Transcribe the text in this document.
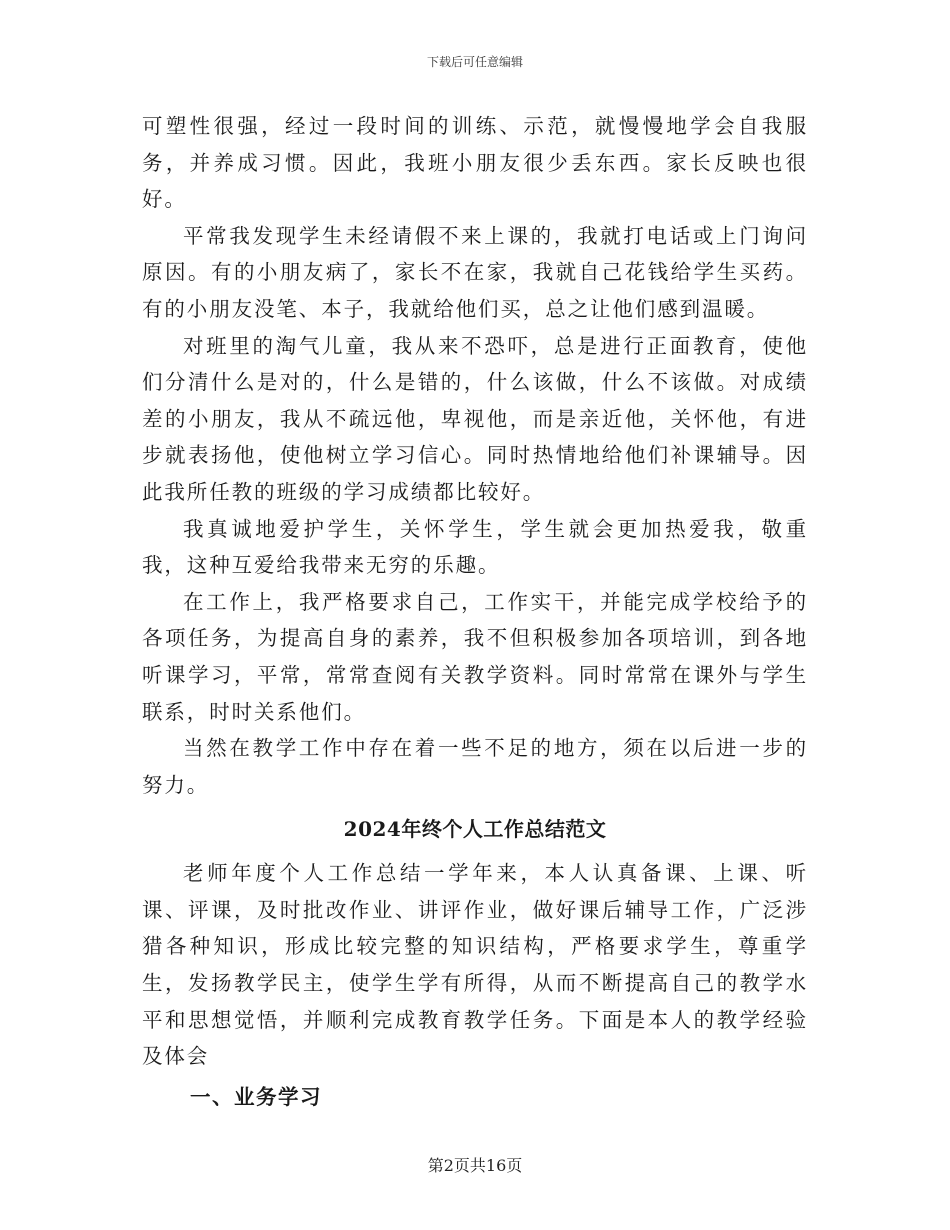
下载后可任意编辑

可塑性很强，经过一段时间的训练、示范，就慢慢地学会自我服务，并养成习惯。因此，我班小朋友很少丢东西。家长反映也很好。

平常我发现学生未经请假不来上课的，我就打电话或上门询问原因。有的小朋友病了，家长不在家，我就自己花钱给学生买药。有的小朋友没笔、本子，我就给他们买，总之让他们感到温暖。

对班里的淘气儿童，我从来不恐吓，总是进行正面教育，使他们分清什么是对的，什么是错的，什么该做，什么不该做。对成绩差的小朋友，我从不疏远他，卑视他，而是亲近他，关怀他，有进步就表扬他，使他树立学习信心。同时热情地给他们补课辅导。因此我所任教的班级的学习成绩都比较好。

我真诚地爱护学生，关怀学生，学生就会更加热爱我，敬重我，这种互爱给我带来无穷的乐趣。

在工作上，我严格要求自己，工作实干，并能完成学校给予的各项任务，为提高自身的素养，我不但积极参加各项培训，到各地听课学习，平常，常常查阅有关教学资料。同时常常在课外与学生联系，时时关系他们。

当然在教学工作中存在着一些不足的地方，须在以后进一步的努力。

2024年终个人工作总结范文

老师年度个人工作总结一学年来，本人认真备课、上课、听课、评课，及时批改作业、讲评作业，做好课后辅导工作，广泛涉猎各种知识，形成比较完整的知识结构，严格要求学生，尊重学生，发扬教学民主，使学生学有所得，从而不断提高自己的教学水平和思想觉悟，并顺利完成教育教学任务。下面是本人的教学经验及体会

一、业务学习
第2页共16页
